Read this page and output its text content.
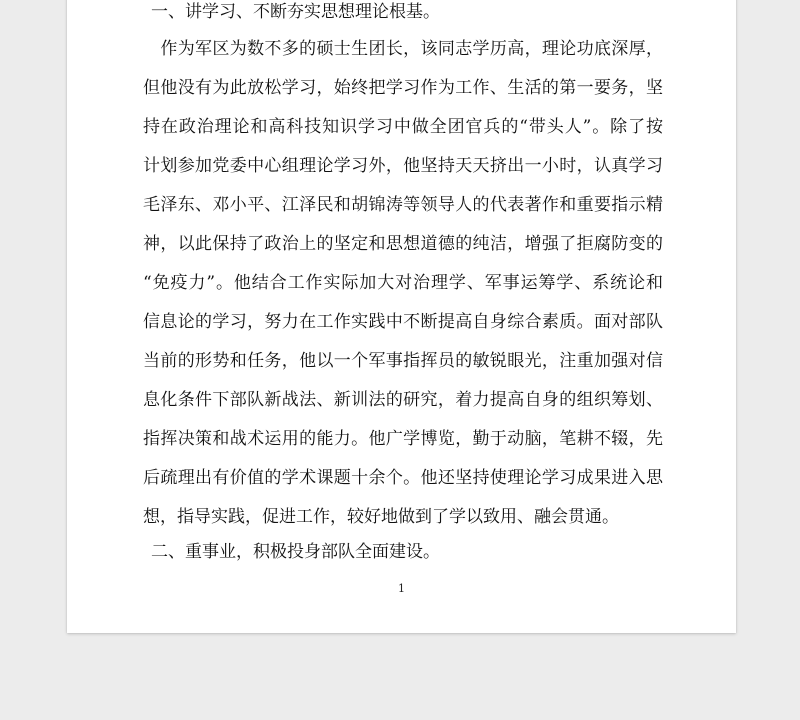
一、讲学习、不断夯实思想理论根基。
　作为军区为数不多的硕士生团长，该同志学历高，理论功底深厚，
但他没有为此放松学习，始终把学习作为工作、生活的第一要务，坚
持在政治理论和高科技知识学习中做全团官兵的“带头人”。除了按
计划参加党委中心组理论学习外，他坚持天天挤出一小时，认真学习
毛泽东、邓小平、江泽民和胡锦涛等领导人的代表著作和重要指示精
神，以此保持了政治上的坚定和思想道德的纯洁，增强了拒腐防变的
“免疫力”。他结合工作实际加大对治理学、军事运筹学、系统论和
信息论的学习，努力在工作实践中不断提高自身综合素质。面对部队
当前的形势和任务，他以一个军事指挥员的敏锐眼光，注重加强对信
息化条件下部队新战法、新训法的研究，着力提高自身的组织筹划、
指挥决策和战术运用的能力。他广学博览，勤于动脑，笔耕不辍，先
后疏理出有价值的学术课题十余个。他还坚持使理论学习成果进入思
想，指导实践，促进工作，较好地做到了学以致用、融会贯通。
二、重事业，积极投身部队全面建设。
1
